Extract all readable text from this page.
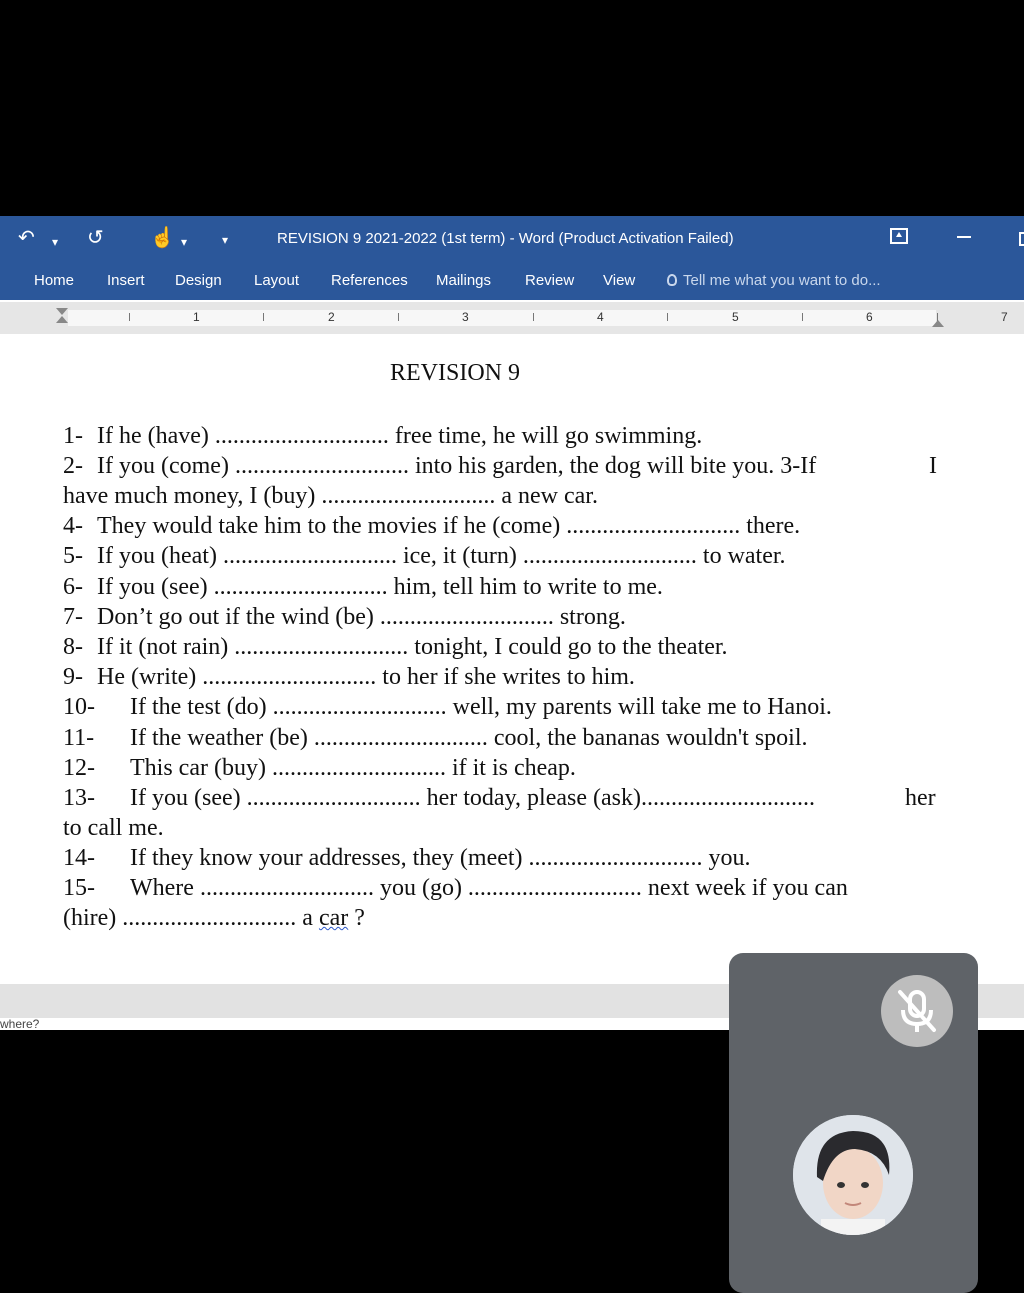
↶ ▾ ↺ ☝ ▾	▾	REVISION 9 2021-2022 (1st term) - Word (Product Activation Failed)
Home Insert Design Layout References Mailings Review View	Tell me what you want to do...
1	2	3	4	5	6	7
REVISION 9
1- If he (have) ............................. free time, he will go swimming.
2- If you (come) ............................. into his garden, the dog will bite you. 3-If	I
have much money, I (buy) ............................. a new car.
4- They would take him to the movies if he (come) ............................. there.
5- If you (heat) ............................. ice, it (turn) ............................. to water.
6- If you (see) ............................. him, tell him to write to me.
7- Don’t go out if the wind (be) ............................. strong.
8- If it (not rain) ............................. tonight, I could go to the theater.
9- He (write) ............................. to her if she writes to him.
10- If the test (do) ............................. well, my parents will take me to Hanoi.
11- If the weather (be) ............................. cool, the bananas wouldn't spoil.
12- This car (buy) ............................. if it is cheap.
13- If you (see) ............................. her today, please (ask).............................	her
to call me.
14- If they know your addresses, they (meet) ............................. you.
15- Where ............................. you (go) ............................. next week if you can
(hire) ............................. a car ?
where?
